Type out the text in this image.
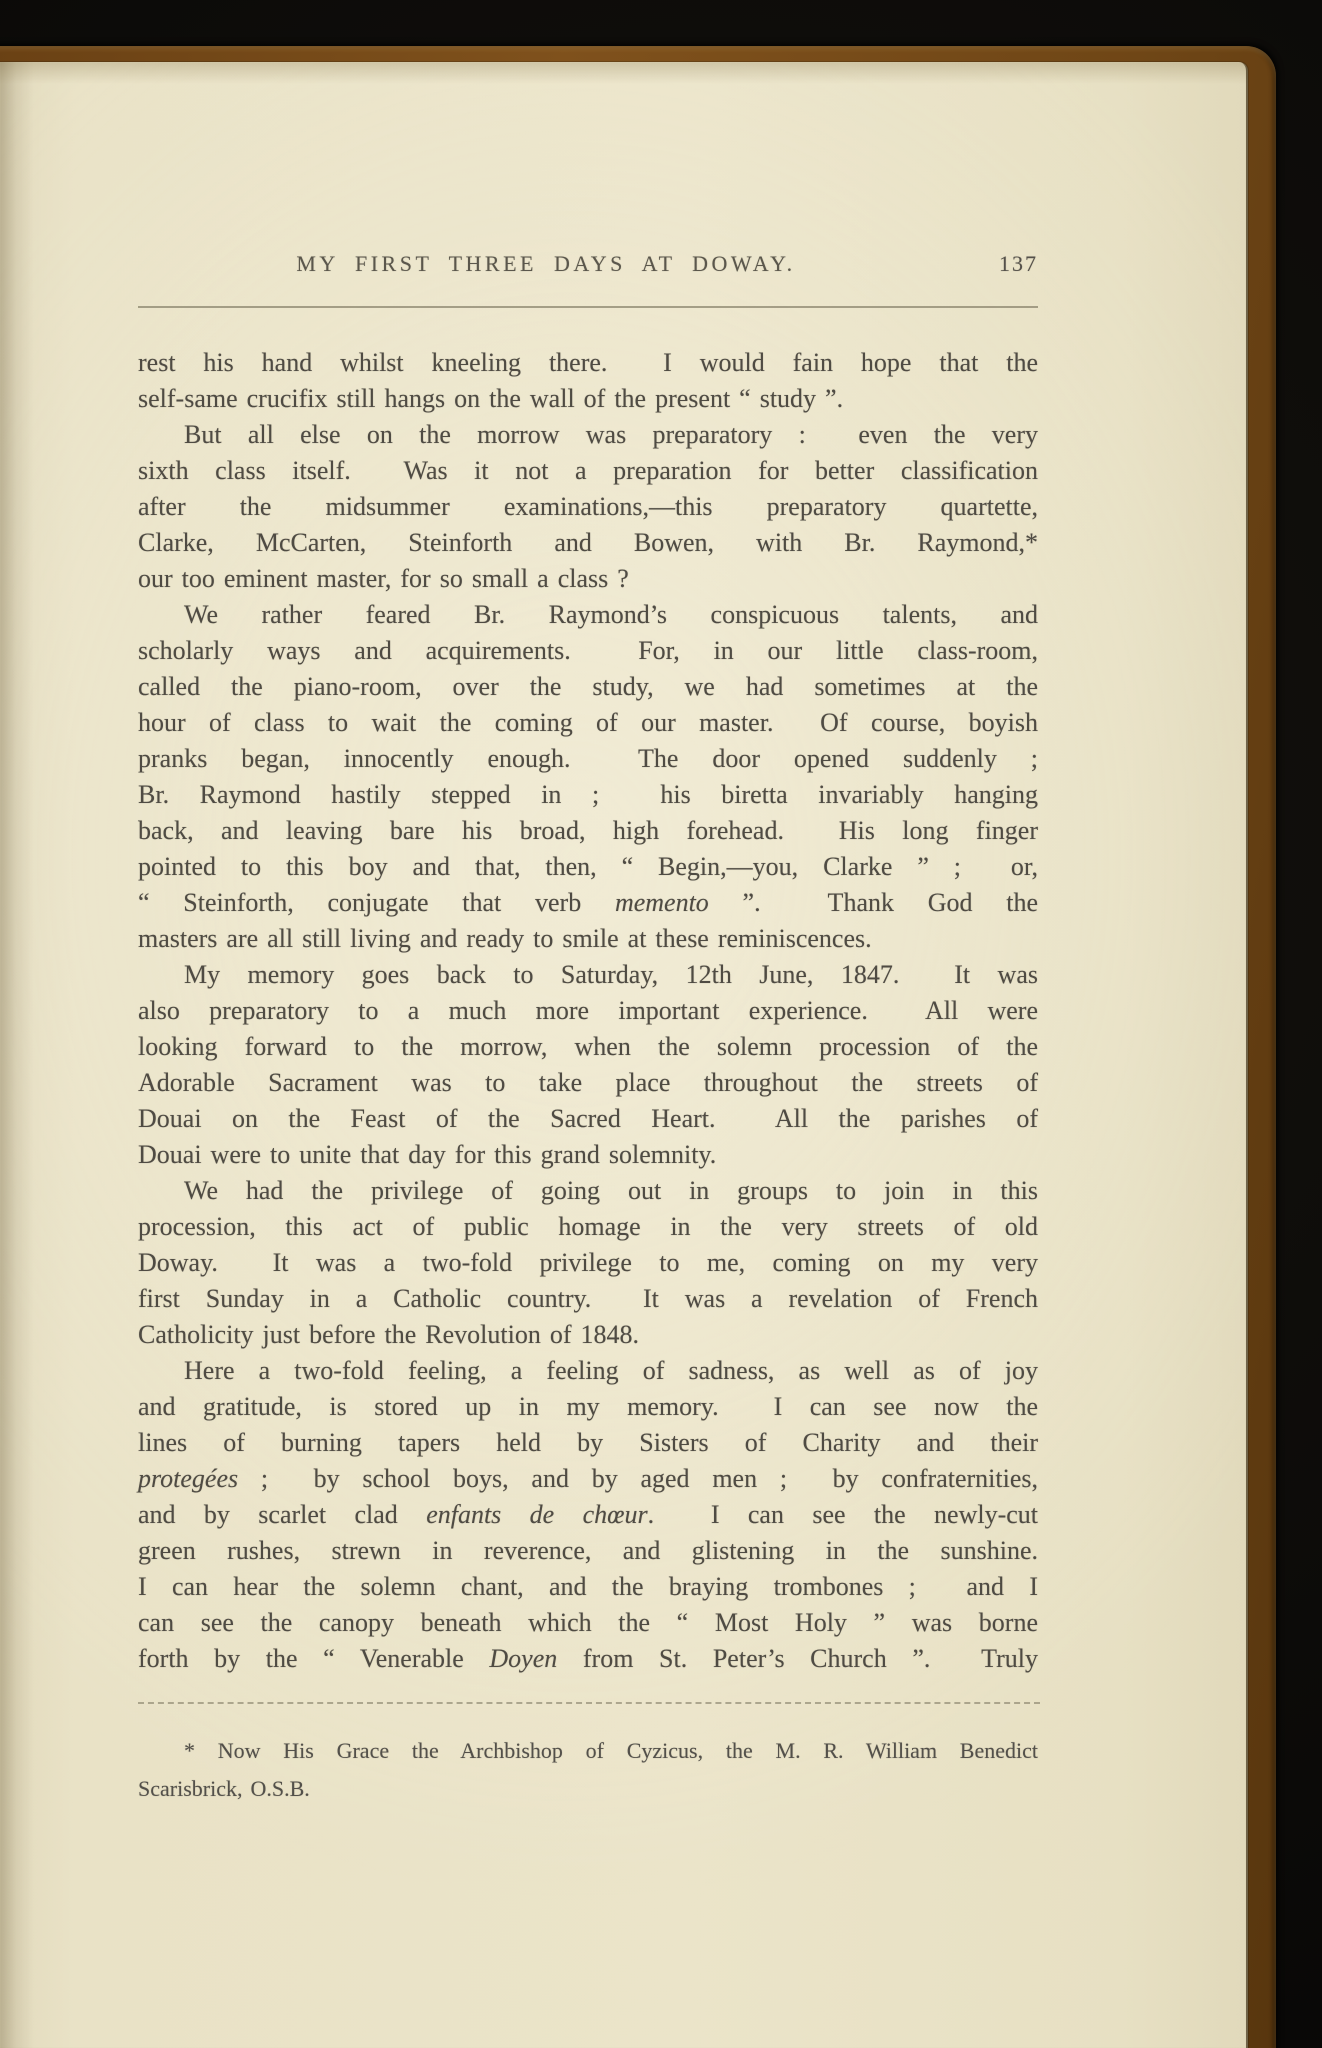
MY FIRST THREE DAYS AT DOWAY.	137
rest his hand whilst kneeling there.  I would fain hope that the
self-same crucifix still hangs on the wall of the present “ study ”.
But all else on the morrow was preparatory :  even the very
sixth class itself.  Was it not a preparation for better classification
after the midsummer examinations,—this preparatory quartette,
Clarke, McCarten, Steinforth and Bowen, with Br. Raymond,*
our too eminent master, for so small a class ?
We rather feared Br. Raymond’s conspicuous talents, and
scholarly ways and acquirements.  For, in our little class-room,
called the piano-room, over the study, we had sometimes at the
hour of class to wait the coming of our master.  Of course, boyish
pranks began, innocently enough.  The door opened suddenly ;
Br. Raymond hastily stepped in ;  his biretta invariably hanging
back, and leaving bare his broad, high forehead.  His long finger
pointed to this boy and that, then, “ Begin,—you, Clarke ” ;  or,
“ Steinforth, conjugate that verb memento ”.  Thank God the
masters are all still living and ready to smile at these reminiscences.
My memory goes back to Saturday, 12th June, 1847.  It was
also preparatory to a much more important experience.  All were
looking forward to the morrow, when the solemn procession of the
Adorable Sacrament was to take place throughout the streets of
Douai on the Feast of the Sacred Heart.  All the parishes of
Douai were to unite that day for this grand solemnity.
We had the privilege of going out in groups to join in this
procession, this act of public homage in the very streets of old
Doway.  It was a two-fold privilege to me, coming on my very
first Sunday in a Catholic country.  It was a revelation of French
Catholicity just before the Revolution of 1848.
Here a two-fold feeling, a feeling of sadness, as well as of joy
and gratitude, is stored up in my memory.  I can see now the
lines of burning tapers held by Sisters of Charity and their
protegées ;  by school boys, and by aged men ;  by confraternities,
and by scarlet clad enfants de chœur.  I can see the newly-cut
green rushes, strewn in reverence, and glistening in the sunshine.
I can hear the solemn chant, and the braying trombones ;  and I
can see the canopy beneath which the “ Most Holy ” was borne
forth by the “ Venerable Doyen from St. Peter’s Church ”.  Truly
* Now His Grace the Archbishop of Cyzicus, the M. R. William Benedict
Scarisbrick, O.S.B.
